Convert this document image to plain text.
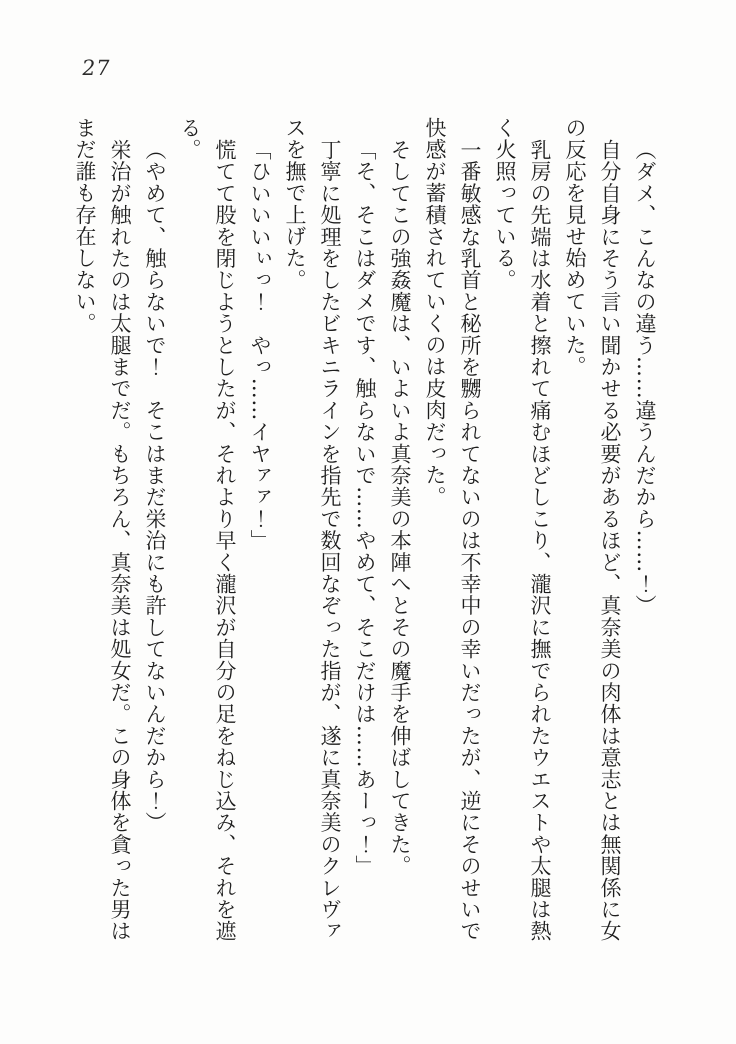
27
（ダメ、こんなの違う……違うんだから……！）
自分自身にそう言い聞かせる必要があるほど、真奈美の肉体は意志とは無関係に女
の反応を見せ始めていた。
乳房の先端は水着と擦れて痛むほどしこり、瀧沢に撫でられたウエストや太腿は熱
く火照っている。
一番敏感な乳首と秘所を嬲られてないのは不幸中の幸いだったが、逆にそのせいで
快感が蓄積されていくのは皮肉だった。
そしてこの強姦魔は、いよいよ真奈美の本陣へとその魔手を伸ばしてきた。
「そ、そこはダメです、触らないで……やめて、そこだけは……あーっ！」
丁寧に処理をしたビキニラインを指先で数回なぞった指が、遂に真奈美のクレヴァ
スを撫で上げた。
「ひいいいぃっ！　やっ……イヤァァ！」
慌てて股を閉じようとしたが、それより早く瀧沢が自分の足をねじ込み、それを遮
る。
（やめて、触らないで！　そこはまだ栄治にも許してないんだから！）
栄治が触れたのは太腿までだ。もちろん、真奈美は処女だ。この身体を貪った男は
まだ誰も存在しない。
